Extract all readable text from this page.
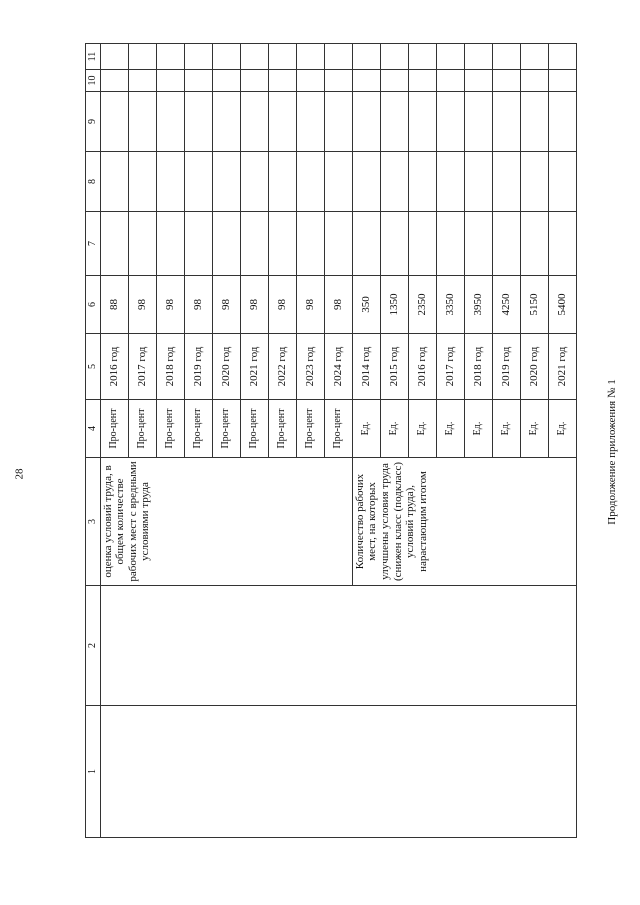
28	Продолжение приложения № 1
1	2	3	4	5	6	7	8	9	10	11
		оценка условий труда, в общем количестве рабочих мест с вредными условиями труда	Про-цент	2016 год	88					
			Про-цент	2017 год	98					
			Про-цент	2018 год	98					
			Про-цент	2019 год	98					
			Про-цент	2020 год	98					
			Про-цент	2021 год	98					
			Про-цент	2022 год	98					
			Про-цент	2023 год	98					
			Про-цент	2024 год	98					
		Количество рабочих мест, на которых улучшены условия труда (снижен класс (подкласс) условий труда), нарастающим итогом	Ед.	2014 год	350					
			Ед.	2015 год	1350					
			Ед.	2016 год	2350					
			Ед.	2017 год	3350					
			Ед.	2018 год	3950					
			Ед.	2019 год	4250					
			Ед.	2020 год	5150					
			Ед.	2021 год	5400					
